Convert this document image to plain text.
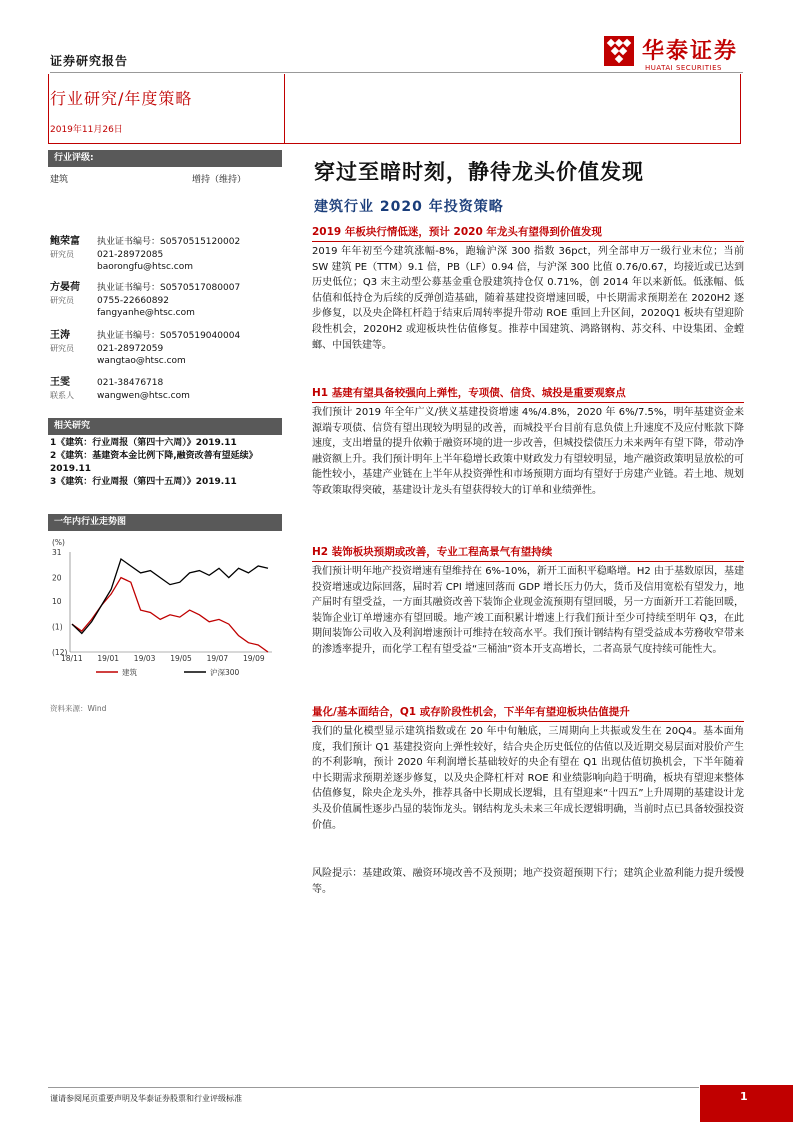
证券研究报告	华泰证券
HUATAI SECURITIES
行业研究/年度策略
2019年11月26日
行业评级:
建筑	增持（维持）
鲍荣富 执业证书编号：S0570515120002
研究员	021-28972085
baorongfu@htsc.com
方晏荷 执业证书编号：S0570517080007
研究员	0755-22660892
fangyanhe@htsc.com
王涛	执业证书编号：S0570519040004
研究员	021-28972059
wangtao@htsc.com
王雯	021-38476718
联系人	wangwen@htsc.com
相关研究
1《建筑：行业周报（第四十六周）》2019.11
2《建筑：基建资本金比例下降,融资改善有望延续》2019.11
3《建筑：行业周报（第四十五周）》2019.11
一年内行业走势图
(%)
31
20
10
(1)
(12)
18/11 19/01 19/03 19/05 19/07 19/09
建筑	沪深300
资料来源：Wind
穿过至暗时刻，静待龙头价值发现
建筑行业 2020 年投资策略
2019 年板块行情低迷，预计 2020 年龙头有望得到价值发现
2019 年年初至今建筑涨幅-8%，跑输沪深 300 指数 36pct，列全部申万一级行业末位；当前 SW 建筑 PE（TTM）9.1 倍，PB（LF）0.94 倍，与沪深 300 比值 0.76/0.67，均接近或已达到历史低位；Q3 末主动型公募基金重仓股建筑持仓仅 0.71%，创 2014 年以来新低。低涨幅、低估值和低持仓为后续的反弹创造基础，随着基建投资增速回暖，中长期需求预期差在 2020H2 逐步修复，以及央企降杠杆趋于结束后周转率提升带动 ROE 重回上升区间，2020Q1 板块有望迎阶段性机会，2020H2 或迎板块性估值修复。推荐中国建筑、鸿路钢构、苏交科、中设集团、金螳螂、中国铁建等。
H1 基建有望具备较强向上弹性，专项债、信贷、城投是重要观察点
我们预计 2019 年全年广义/狭义基建投资增速 4%/4.8%，2020 年 6%/7.5%，明年基建资金来源端专项债、信贷有望出现较为明显的改善，而城投平台目前有息负债上升速度不及应付账款下降速度，支出增量的提升依赖于融资环境的进一步改善，但城投偿债压力未来两年有望下降，带动净融资额上升。我们预计明年上半年稳增长政策中财政发力有望较明显，地产融资政策明显放松的可能性较小，基建产业链在上半年从投资弹性和市场预期方面均有望好于房建产业链。若土地、规划等政策取得突破，基建设计龙头有望获得较大的订单和业绩弹性。
H2 装饰板块预期或改善，专业工程高景气有望持续
我们预计明年地产投资增速有望维持在 6%-10%，新开工面积平稳略增。H2 由于基数原因，基建投资增速或边际回落，届时若 CPI 增速回落而 GDP 增长压力仍大，货币及信用宽松有望发力，地产届时有望受益，一方面其融资改善下装饰企业现金流预期有望回暖，另一方面新开工若能回暖，装饰企业订单增速亦有望回暖。地产竣工面积累计增速上行我们预计至少可持续至明年 Q3，在此期间装饰公司收入及利润增速预计可维持在较高水平。我们预计钢结构有望受益成本劳務收窄带来的渗透率提升，而化学工程有望受益“三桶油”资本开支高增长，二者高景气度持续可能性大。
量化/基本面结合，Q1 或存阶段性机会，下半年有望迎板块估值提升
我们的量化模型显示建筑指数或在 20 年中旬触底，三周期向上共振或发生在 20Q4。基本面角度，我们预计 Q1 基建投资向上弹性较好，结合央企历史低位的估值以及近期交易层面对股价产生的不利影响，预计 2020 年利润增长基础较好的央企有望在 Q1 出现估值切换机会，下半年随着中长期需求预期差逐步修复，以及央企降杠杆对 ROE 和业绩影响向趋于明确，板块有望迎来整体估值修复，除央企龙头外，推荐具备中长期成长逻辑，且有望迎来“十四五”上升周期的基建设计龙头及价值属性逐步凸显的装饰龙头。钢结构龙头未来三年成长逻辑明确，当前时点已具备较强投资价值。
风险提示：基建政策、融资环境改善不及预期；地产投资超预期下行；建筑企业盈利能力提升缓慢等。
谨请参阅尾页重要声明及华泰证券股票和行业评级标准	1
